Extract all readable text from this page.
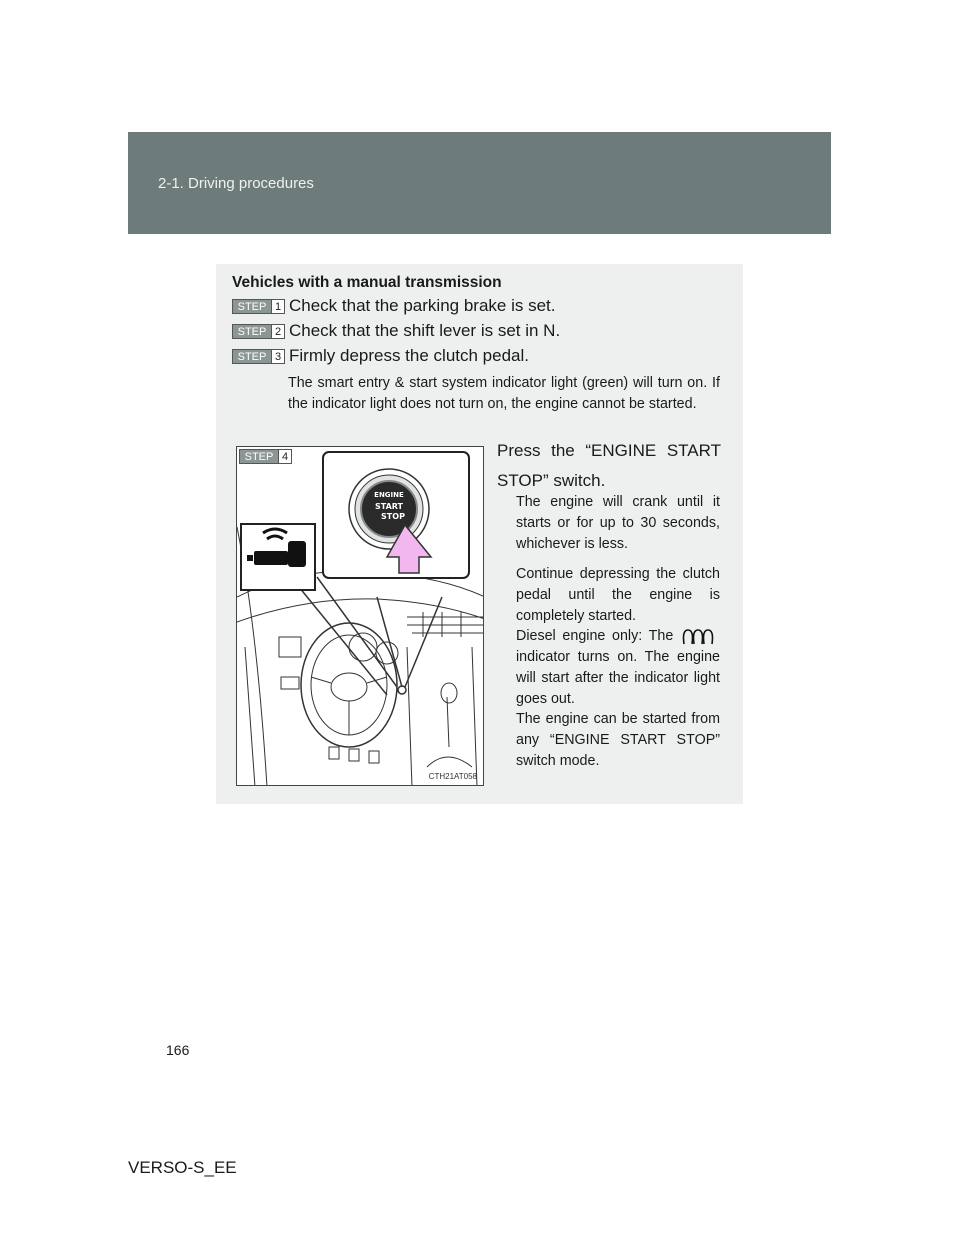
2-1. Driving procedures
Vehicles with a manual transmission
STEP 1 Check that the parking brake is set.
STEP 2 Check that the shift lever is set in N.
STEP 3 Firmly depress the clutch pedal.
The smart entry & start system indicator light (green) will turn on. If the indicator light does not turn on, the engine cannot be started.
STEP 4
ENGINE
START
STOP
CTH21AT058
Press the “ENGINE START STOP” switch.
The engine will crank until it starts or for up to 30 seconds, whichever is less.
Continue depressing the clutch pedal until the engine is completely started.
Diesel engine only: The  indicator turns on. The engine will start after the indicator light goes out.
The engine can be started from any “ENGINE START STOP” switch mode.
166
VERSO-S_EE
